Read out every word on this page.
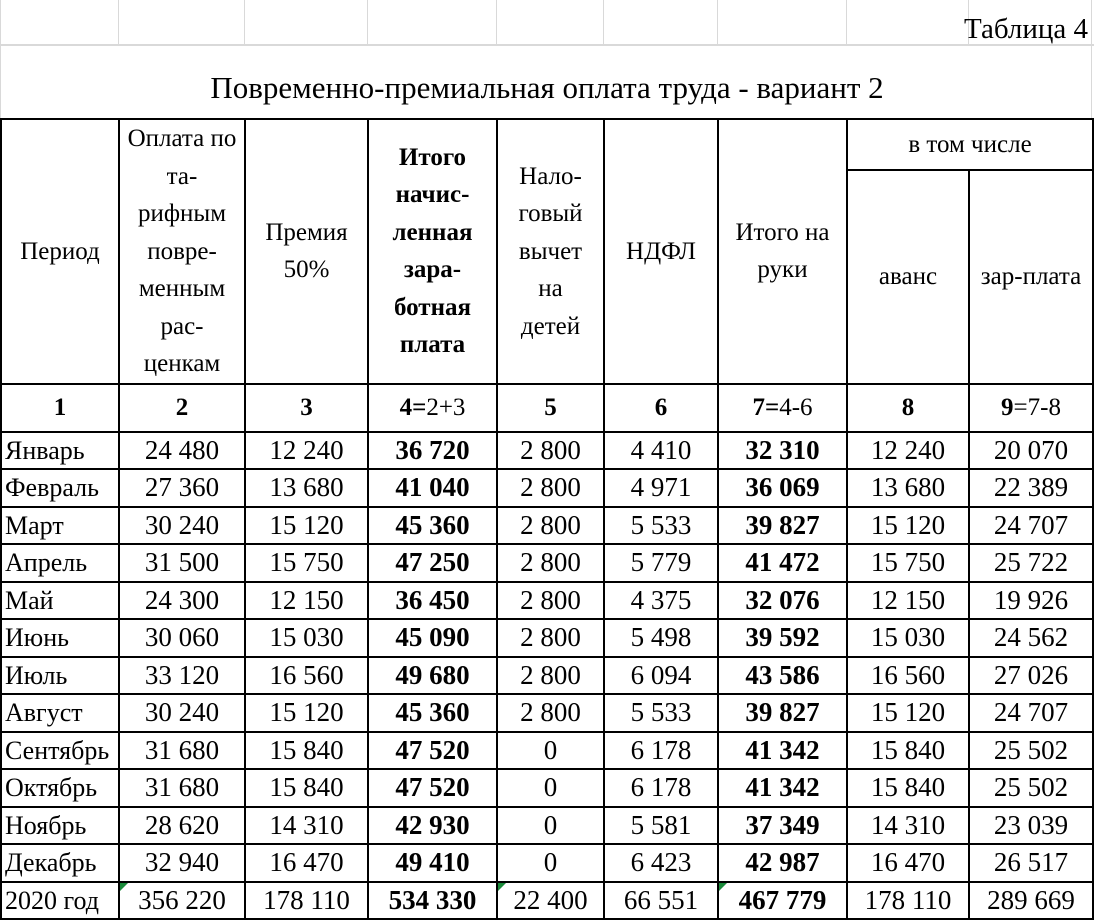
Таблица 4
Повременно-премиальная оплата труда - вариант 2
Период	Оплата по та-рифным повре-менным рас-ценкам	Премия 50%	Итого начис-ленная зара-ботная плата	Нало-говый вычет на детей	НДФЛ	Итого на руки	в том числе	
							аванс	зар-плата
1	2	3	4=2+3	5	6	7=4-6	8	9=7-8
Январь	24 480	12 240	36 720	2 800	4 410	32 310	12 240	20 070
Февраль	27 360	13 680	41 040	2 800	4 971	36 069	13 680	22 389
Март	30 240	15 120	45 360	2 800	5 533	39 827	15 120	24 707
Апрель	31 500	15 750	47 250	2 800	5 779	41 472	15 750	25 722
Май	24 300	12 150	36 450	2 800	4 375	32 076	12 150	19 926
Июнь	30 060	15 030	45 090	2 800	5 498	39 592	15 030	24 562
Июль	33 120	16 560	49 680	2 800	6 094	43 586	16 560	27 026
Август	30 240	15 120	45 360	2 800	5 533	39 827	15 120	24 707
Сентябрь	31 680	15 840	47 520	0	6 178	41 342	15 840	25 502
Октябрь	31 680	15 840	47 520	0	6 178	41 342	15 840	25 502
Ноябрь	28 620	14 310	42 930	0	5 581	37 349	14 310	23 039
Декабрь	32 940	16 470	49 410	0	6 423	42 987	16 470	26 517
2020 год	356 220	178 110	534 330	22 400	66 551	467 779	178 110	289 669
